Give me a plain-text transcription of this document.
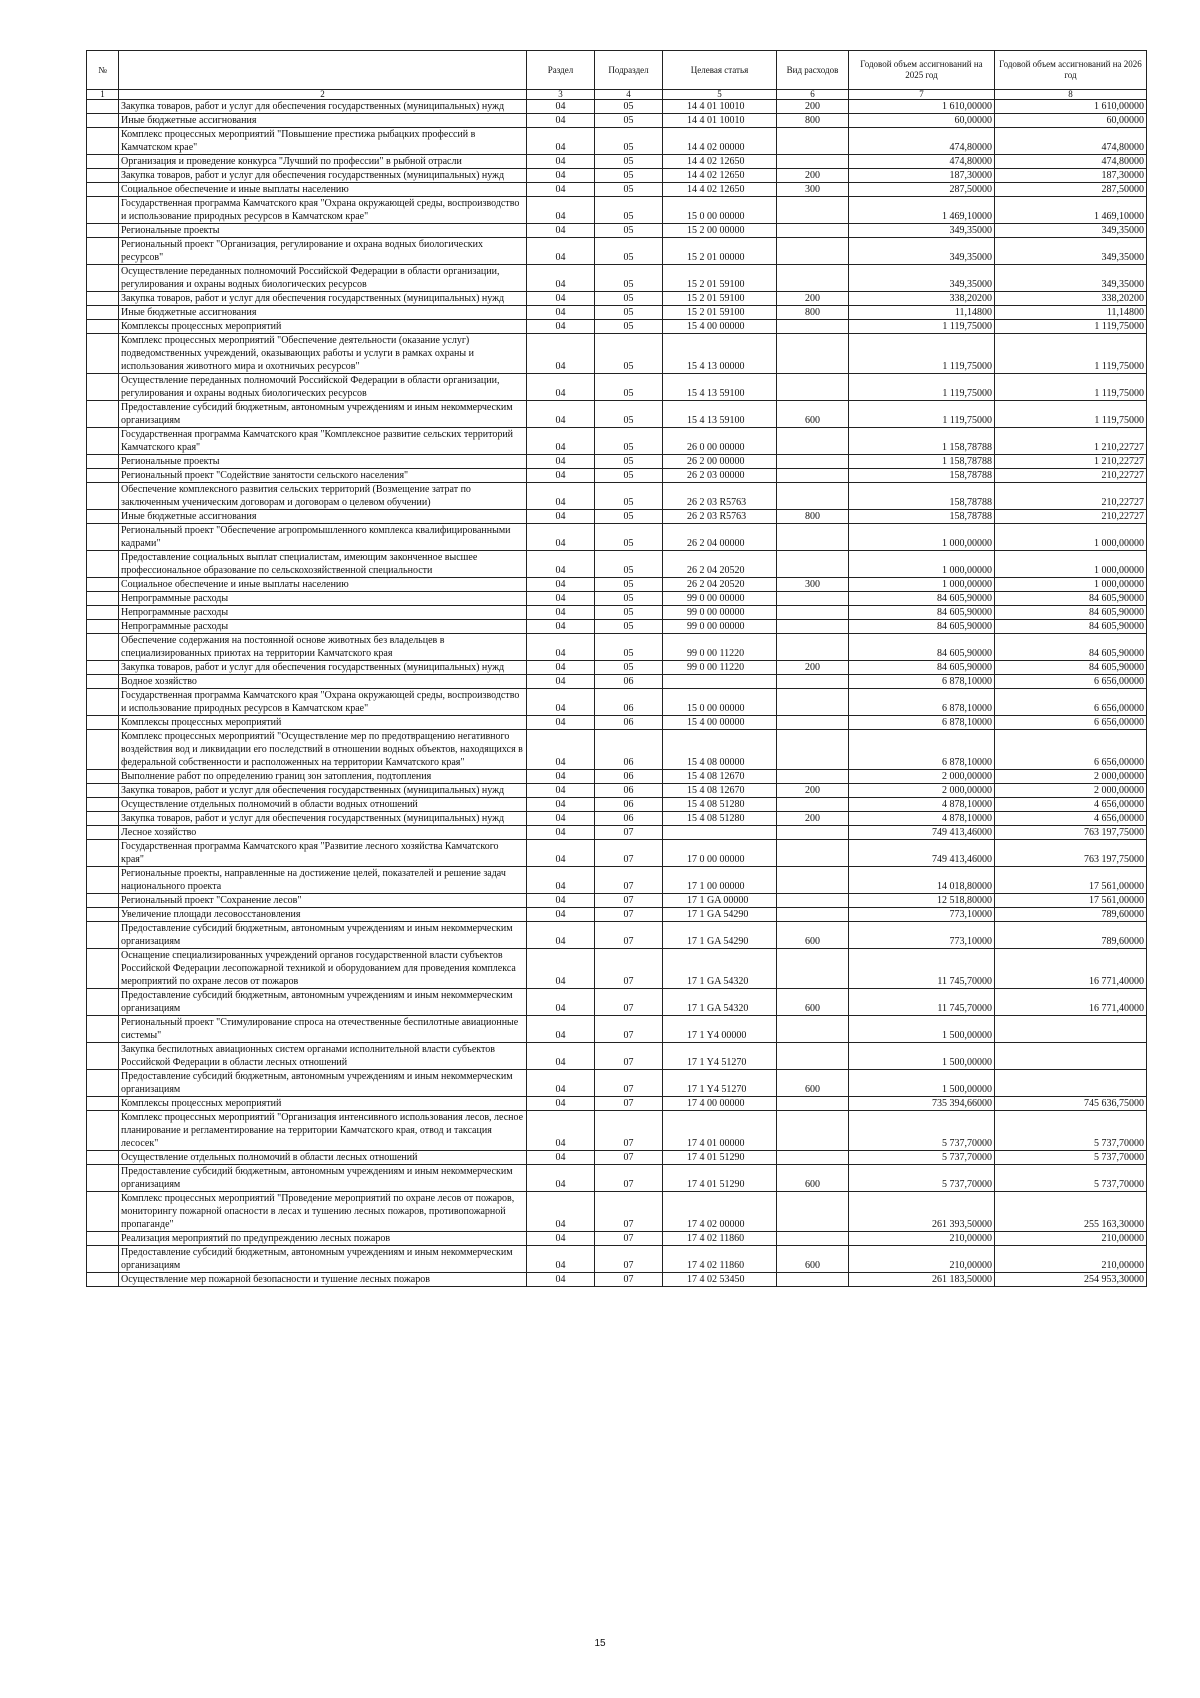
№		Раздел	Подраздел	Целевая статья	Вид расходов	Годовой объем ассигнований на 2025 год	Годовой объем ассигнований на 2026 год
1	2	3	4	5	6	7	8
	Закупка товаров, работ и услуг для обеспечения государственных (муниципальных) нужд	04	05	14 4 01 10010	200	1 610,00000	1 610,00000
	Иные бюджетные ассигнования	04	05	14 4 01 10010	800	60,00000	60,00000
	Комплекс процессных мероприятий "Повышение престижа рыбацких профессий в Камчатском крае"	04	05	14 4 02 00000		474,80000	474,80000
	Организация и проведение конкурса "Лучший по профессии" в рыбной отрасли	04	05	14 4 02 12650		474,80000	474,80000
	Закупка товаров, работ и услуг для обеспечения государственных (муниципальных) нужд	04	05	14 4 02 12650	200	187,30000	187,30000
	Социальное обеспечение и иные выплаты населению	04	05	14 4 02 12650	300	287,50000	287,50000
	Государственная программа Камчатского края "Охрана окружающей среды, воспроизводство и использование природных ресурсов в Камчатском крае"	04	05	15 0 00 00000		1 469,10000	1 469,10000
	Региональные проекты	04	05	15 2 00 00000		349,35000	349,35000
	Региональный проект "Организация, регулирование и охрана водных биологических ресурсов"	04	05	15 2 01 00000		349,35000	349,35000
	Осуществление переданных полномочий Российской Федерации в области организации, регулирования и охраны водных биологических ресурсов	04	05	15 2 01 59100		349,35000	349,35000
	Закупка товаров, работ и услуг для обеспечения государственных (муниципальных) нужд	04	05	15 2 01 59100	200	338,20200	338,20200
	Иные бюджетные ассигнования	04	05	15 2 01 59100	800	11,14800	11,14800
	Комплексы процессных мероприятий	04	05	15 4 00 00000		1 119,75000	1 119,75000
	Комплекс процессных мероприятий "Обеспечение деятельности (оказание услуг) подведомственных учреждений, оказывающих работы и услуги в рамках охраны и использования животного мира и охотничьих ресурсов"	04	05	15 4 13 00000		1 119,75000	1 119,75000
	Осуществление переданных полномочий Российской Федерации в области организации, регулирования и охраны водных биологических ресурсов	04	05	15 4 13 59100		1 119,75000	1 119,75000
	Предоставление субсидий бюджетным, автономным учреждениям и иным некоммерческим организациям	04	05	15 4 13 59100	600	1 119,75000	1 119,75000
	Государственная программа Камчатского края "Комплексное развитие сельских территорий Камчатского края"	04	05	26 0 00 00000		1 158,78788	1 210,22727
	Региональные проекты	04	05	26 2 00 00000		1 158,78788	1 210,22727
	Региональный проект "Содействие занятости сельского населения"	04	05	26 2 03 00000		158,78788	210,22727
	Обеспечение комплексного развития сельских территорий (Возмещение затрат по заключенным ученическим договорам и договорам о целевом обучении)	04	05	26 2 03 R5763		158,78788	210,22727
	Иные бюджетные ассигнования	04	05	26 2 03 R5763	800	158,78788	210,22727
	Региональный проект "Обеспечение агропромышленного комплекса квалифицированными кадрами"	04	05	26 2 04 00000		1 000,00000	1 000,00000
	Предоставление социальных выплат специалистам, имеющим законченное высшее профессиональное образование по сельскохозяйственной специальности	04	05	26 2 04 20520		1 000,00000	1 000,00000
	Социальное обеспечение и иные выплаты населению	04	05	26 2 04 20520	300	1 000,00000	1 000,00000
	Непрограммные расходы	04	05	99 0 00 00000		84 605,90000	84 605,90000
	Непрограммные расходы	04	05	99 0 00 00000		84 605,90000	84 605,90000
	Непрограммные расходы	04	05	99 0 00 00000		84 605,90000	84 605,90000
	Обеспечение содержания на постоянной основе животных без владельцев в специализированных приютах на территории Камчатского края	04	05	99 0 00 11220		84 605,90000	84 605,90000
	Закупка товаров, работ и услуг для обеспечения государственных (муниципальных) нужд	04	05	99 0 00 11220	200	84 605,90000	84 605,90000
	Водное хозяйство	04	06			6 878,10000	6 656,00000
	Государственная программа Камчатского края "Охрана окружающей среды, воспроизводство и использование природных ресурсов в Камчатском крае"	04	06	15 0 00 00000		6 878,10000	6 656,00000
	Комплексы процессных мероприятий	04	06	15 4 00 00000		6 878,10000	6 656,00000
	Комплекс процессных мероприятий "Осуществление мер по предотвращению негативного воздействия вод и ликвидации его последствий в отношении водных объектов, находящихся в федеральной собственности и расположенных на территории Камчатского края"	04	06	15 4 08 00000		6 878,10000	6 656,00000
	Выполнение работ по определению границ зон затопления, подтопления	04	06	15 4 08 12670		2 000,00000	2 000,00000
	Закупка товаров, работ и услуг для обеспечения государственных (муниципальных) нужд	04	06	15 4 08 12670	200	2 000,00000	2 000,00000
	Осуществление отдельных полномочий в области водных отношений	04	06	15 4 08 51280		4 878,10000	4 656,00000
	Закупка товаров, работ и услуг для обеспечения государственных (муниципальных) нужд	04	06	15 4 08 51280	200	4 878,10000	4 656,00000
	Лесное хозяйство	04	07			749 413,46000	763 197,75000
	Государственная программа Камчатского края "Развитие лесного хозяйства Камчатского края"	04	07	17 0 00 00000		749 413,46000	763 197,75000
	Региональные проекты, направленные на достижение целей, показателей и решение задач национального проекта	04	07	17 1 00 00000		14 018,80000	17 561,00000
	Региональный проект "Сохранение лесов"	04	07	17 1 GA 00000		12 518,80000	17 561,00000
	Увеличение площади лесовосстановления	04	07	17 1 GA 54290		773,10000	789,60000
	Предоставление субсидий бюджетным, автономным учреждениям и иным некоммерческим организациям	04	07	17 1 GA 54290	600	773,10000	789,60000
	Оснащение специализированных учреждений органов государственной власти субъектов Российской Федерации лесопожарной техникой и оборудованием для проведения комплекса мероприятий по охране лесов от пожаров	04	07	17 1 GA 54320		11 745,70000	16 771,40000
	Предоставление субсидий бюджетным, автономным учреждениям и иным некоммерческим организациям	04	07	17 1 GA 54320	600	11 745,70000	16 771,40000
	Региональный проект "Стимулирование спроса на отечественные беспилотные авиационные системы"	04	07	17 1 Y4 00000		1 500,00000	
	Закупка беспилотных авиационных систем органами исполнительной власти субъектов Российской Федерации в области лесных отношений	04	07	17 1 Y4 51270		1 500,00000	
	Предоставление субсидий бюджетным, автономным учреждениям и иным некоммерческим организациям	04	07	17 1 Y4 51270	600	1 500,00000	
	Комплексы процессных мероприятий	04	07	17 4 00 00000		735 394,66000	745 636,75000
	Комплекс процессных мероприятий "Организация интенсивного использования лесов, лесное планирование и регламентирование на территории Камчатского края, отвод и таксация лесосек"	04	07	17 4 01 00000		5 737,70000	5 737,70000
	Осуществление отдельных полномочий в области лесных отношений	04	07	17 4 01 51290		5 737,70000	5 737,70000
	Предоставление субсидий бюджетным, автономным учреждениям и иным некоммерческим организациям	04	07	17 4 01 51290	600	5 737,70000	5 737,70000
	Комплекс процессных мероприятий "Проведение мероприятий по охране лесов от пожаров, мониторингу пожарной опасности в лесах и тушению лесных пожаров, противопожарной пропаганде"	04	07	17 4 02 00000		261 393,50000	255 163,30000
	Реализация мероприятий по предупреждению лесных пожаров	04	07	17 4 02 11860		210,00000	210,00000
	Предоставление субсидий бюджетным, автономным учреждениям и иным некоммерческим организациям	04	07	17 4 02 11860	600	210,00000	210,00000
	Осуществление мер пожарной безопасности и тушение лесных пожаров	04	07	17 4 02 53450		261 183,50000	254 953,30000
15
